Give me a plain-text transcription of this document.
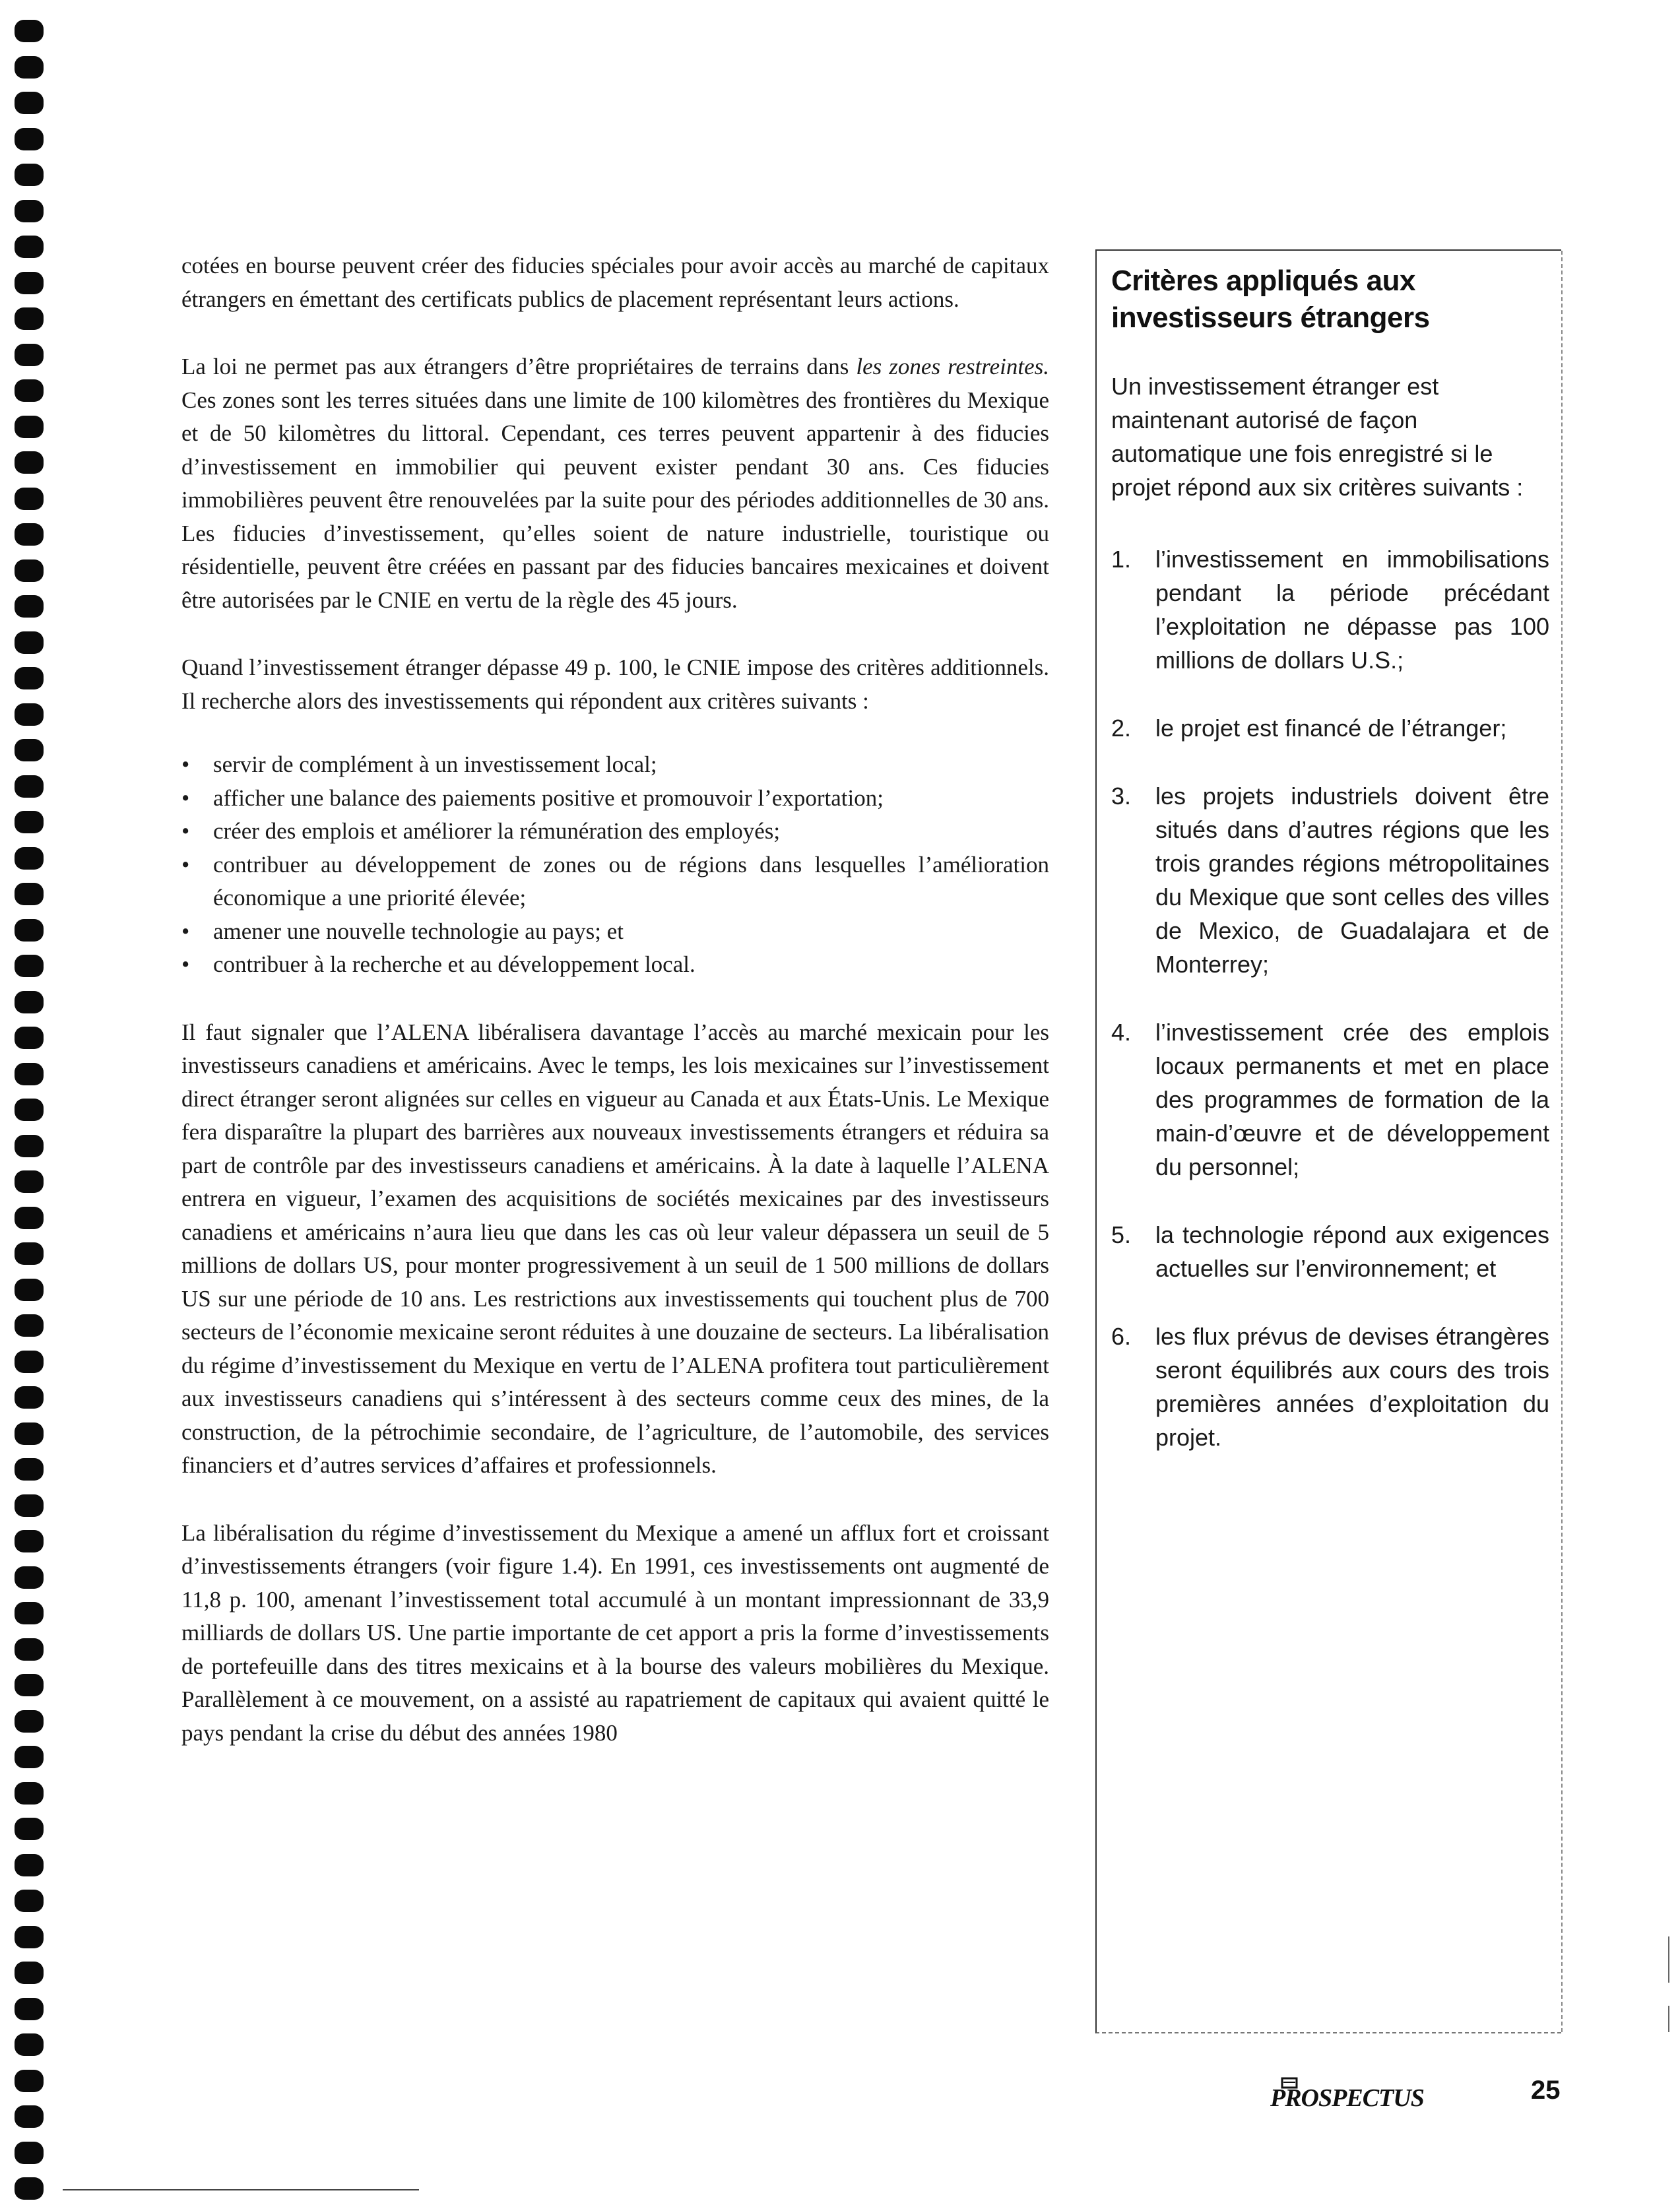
cotées en bourse peuvent créer des fiducies spéciales pour avoir accès au marché de capitaux étrangers en émettant des certificats publics de placement représentant leurs actions.

La loi ne permet pas aux étrangers d’être propriétaires de terrains dans les zones restreintes. Ces zones sont les terres situées dans une limite de 100 kilomètres des frontières du Mexique et de 50 kilomètres du littoral. Cependant, ces terres peuvent appartenir à des fiducies d’investissement en immobilier qui peuvent exister pendant 30 ans. Ces fiducies immobilières peuvent être renouvelées par la suite pour des périodes additionnelles de 30 ans. Les fiducies d’investissement, qu’elles soient de nature industrielle, touristique ou résidentielle, peuvent être créées en passant par des fiducies bancaires mexicaines et doivent être autorisées par le CNIE en vertu de la règle des 45 jours.

Quand l’investissement étranger dépasse 49 p. 100, le CNIE impose des critères additionnels. Il recherche alors des investissements qui répondent aux critères suivants :

• servir de complément à un investissement local;
• afficher une balance des paiements positive et promouvoir l’exportation;
• créer des emplois et améliorer la rémunération des employés;
• contribuer au développement de zones ou de régions dans lesquelles l’amélioration économique a une priorité élevée;
• amener une nouvelle technologie au pays; et
• contribuer à la recherche et au développement local.

Il faut signaler que l’ALENA libéralisera davantage l’accès au marché mexicain pour les investisseurs canadiens et américains. Avec le temps, les lois mexicaines sur l’investissement direct étranger seront alignées sur celles en vigueur au Canada et aux États-Unis. Le Mexique fera disparaître la plupart des barrières aux nouveaux investissements étrangers et réduira sa part de contrôle par des investisseurs canadiens et américains. À la date à laquelle l’ALENA entrera en vigueur, l’examen des acquisitions de sociétés mexicaines par des investisseurs canadiens et américains n’aura lieu que dans les cas où leur valeur dépassera un seuil de 5 millions de dollars US, pour monter progressivement à un seuil de 1 500 millions de dollars US sur une période de 10 ans. Les restrictions aux investissements qui touchent plus de 700 secteurs de l’économie mexicaine seront réduites à une douzaine de secteurs. La libéralisation du régime d’investissement du Mexique en vertu de l’ALENA profitera tout particulièrement aux investisseurs canadiens qui s’intéressent à des secteurs comme ceux des mines, de la construction, de la pétrochimie secondaire, de l’agriculture, de l’automobile, des services financiers et d’autres services d’affaires et professionnels.

La libéralisation du régime d’investissement du Mexique a amené un afflux fort et croissant d’investissements étrangers (voir figure 1.4). En 1991, ces investissements ont augmenté de 11,8 p. 100, amenant l’investissement total accumulé à un montant impressionnant de 33,9 milliards de dollars US. Une partie importante de cet apport a pris la forme d’investissements de portefeuille dans des titres mexicains et à la bourse des valeurs mobilières du Mexique. Parallèlement à ce mouvement, on a assisté au rapatriement de capitaux qui avaient quitté le pays pendant la crise du début des années 1980

Critères appliqués aux investisseurs étrangers
Un investissement étranger est maintenant autorisé de façon automatique une fois enregistré si le projet répond aux six critères suivants :
1. l’investissement en immobilisations pendant la période précédant l’exploitation ne dépasse pas 100 millions de dollars U.S.;
2. le projet est financé de l’étranger;
3. les projets industriels doivent être situés dans d’autres régions que les trois grandes régions métropolitaines du Mexique que sont celles des villes de Mexico, de Guadalajara et de Monterrey;
4. l’investissement crée des emplois locaux permanents et met en place des programmes de formation de la main-d’œuvre et de développement du personnel;
5. la technologie répond aux exigences actuelles sur l’environnement; et
6. les flux prévus de devises étrangères seront équilibrés aux cours des trois premières années d’exploitation du projet.
PROSPECTUS	25
